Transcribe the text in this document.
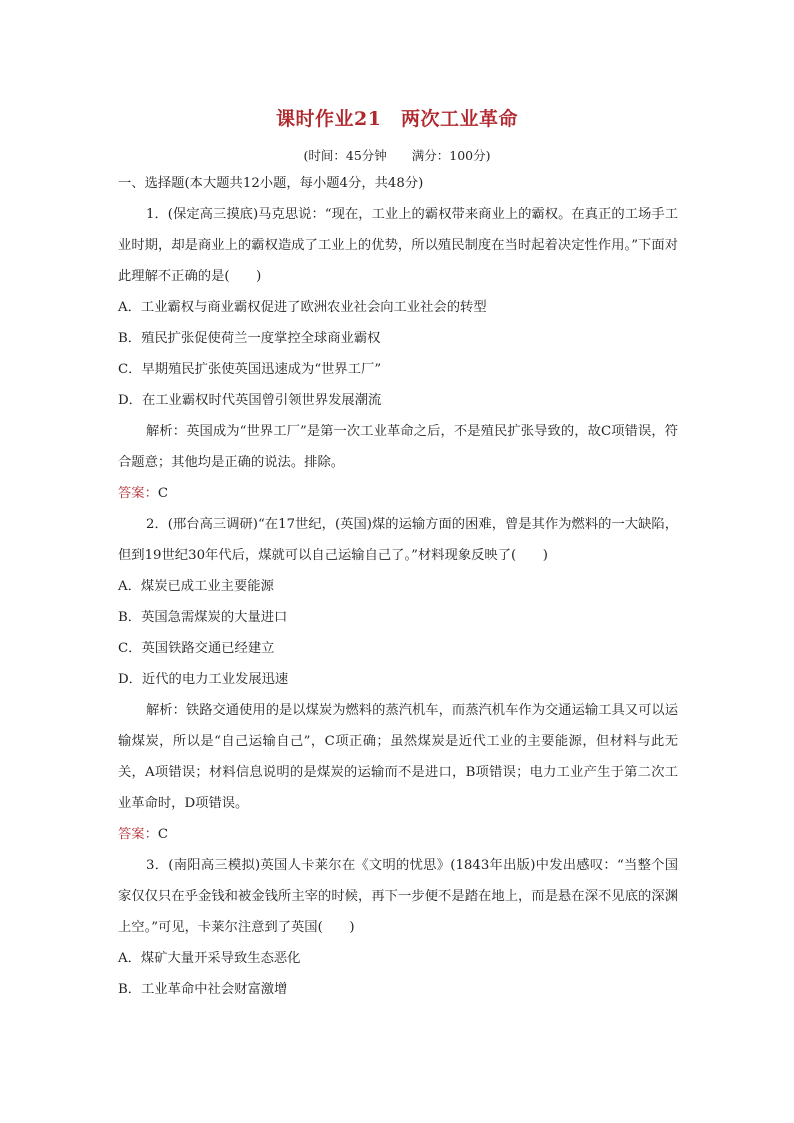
课时作业21　两次工业革命
(时间：45分钟　　满分：100分)

一、选择题(本大题共12小题，每小题4分，共48分)

1．(保定高三摸底)马克思说：“现在，工业上的霸权带来商业上的霸权。在真正的工场手工业时期，却是商业上的霸权造成了工业上的优势，所以殖民制度在当时起着决定性作用。”下面对此理解不正确的是(　　)

A．工业霸权与商业霸权促进了欧洲农业社会向工业社会的转型

B．殖民扩张促使荷兰一度掌控全球商业霸权

C．早期殖民扩张使英国迅速成为“世界工厂”

D．在工业霸权时代英国曾引领世界发展潮流

解析：英国成为“世界工厂”是第一次工业革命之后，不是殖民扩张导致的，故C项错误，符合题意；其他均是正确的说法。排除。

答案：C

2．(邢台高三调研)“在17世纪，(英国)煤的运输方面的困难，曾是其作为燃料的一大缺陷，但到19世纪30年代后，煤就可以自己运输自己了。”材料现象反映了(　　)

A．煤炭已成工业主要能源

B．英国急需煤炭的大量进口

C．英国铁路交通已经建立

D．近代的电力工业发展迅速

解析：铁路交通使用的是以煤炭为燃料的蒸汽机车，而蒸汽机车作为交通运输工具又可以运输煤炭，所以是“自己运输自己”，C项正确；虽然煤炭是近代工业的主要能源，但材料与此无关，A项错误；材料信息说明的是煤炭的运输而不是进口，B项错误；电力工业产生于第二次工业革命时，D项错误。

答案：C

3．(南阳高三模拟)英国人卡莱尔在《文明的忧思》(1843年出版)中发出感叹：“当整个国家仅仅只在乎金钱和被金钱所主宰的时候，再下一步便不是踏在地上，而是悬在深不见底的深渊上空。”可见，卡莱尔注意到了英国(　　)

A．煤矿大量开采导致生态恶化

B．工业革命中社会财富激增
